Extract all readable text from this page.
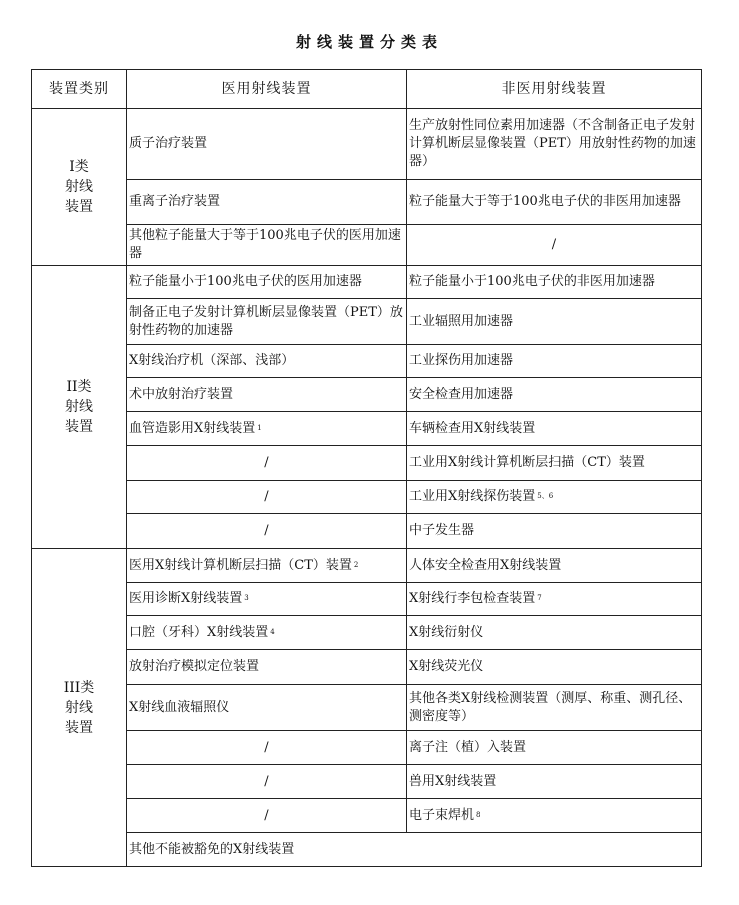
射线装置分类表
装置类别	医用射线装置	非医用射线装置

I类
射线
装置	质子治疗装置	生产放射性同位素用加速器（不含制备正电子发射计算机断层显像装置（PET）用放射性药物的加速器）
	重离子治疗装置	粒子能量大于等于100兆电子伏的非医用加速器
	其他粒子能量大于等于100兆电子伏的医用加速器	/

II类
射线
装置	粒子能量小于100兆电子伏的医用加速器	粒子能量小于100兆电子伏的非医用加速器
	制备正电子发射计算机断层显像装置（PET）放射性药物的加速器	工业辐照用加速器
	X射线治疗机（深部、浅部）	工业探伤用加速器
	术中放射治疗装置	安全检查用加速器
	血管造影用X射线装置 $^1$	车辆检查用X射线装置
	/	工业用X射线计算机断层扫描（CT）装置
	/	工业用X射线探伤装置 $^{5、6}$
	/	中子发生器

III类
射线
装置	医用X射线计算机断层扫描（CT）装置 $^2$	人体安全检查用X射线装置
	医用诊断X射线装置 $^3$	X射线行李包检查装置 $^7$
	口腔（牙科）X射线装置 $^4$	X射线衍射仪
	放射治疗模拟定位装置	X射线荧光仪
	X射线血液辐照仪	其他各类X射线检测装置（测厚、称重、测孔径、测密度等）
	/	离子注（植）入装置
	/	兽用X射线装置
	/	电子束焊机 $^8$
	其他不能被豁免的X射线装置	
